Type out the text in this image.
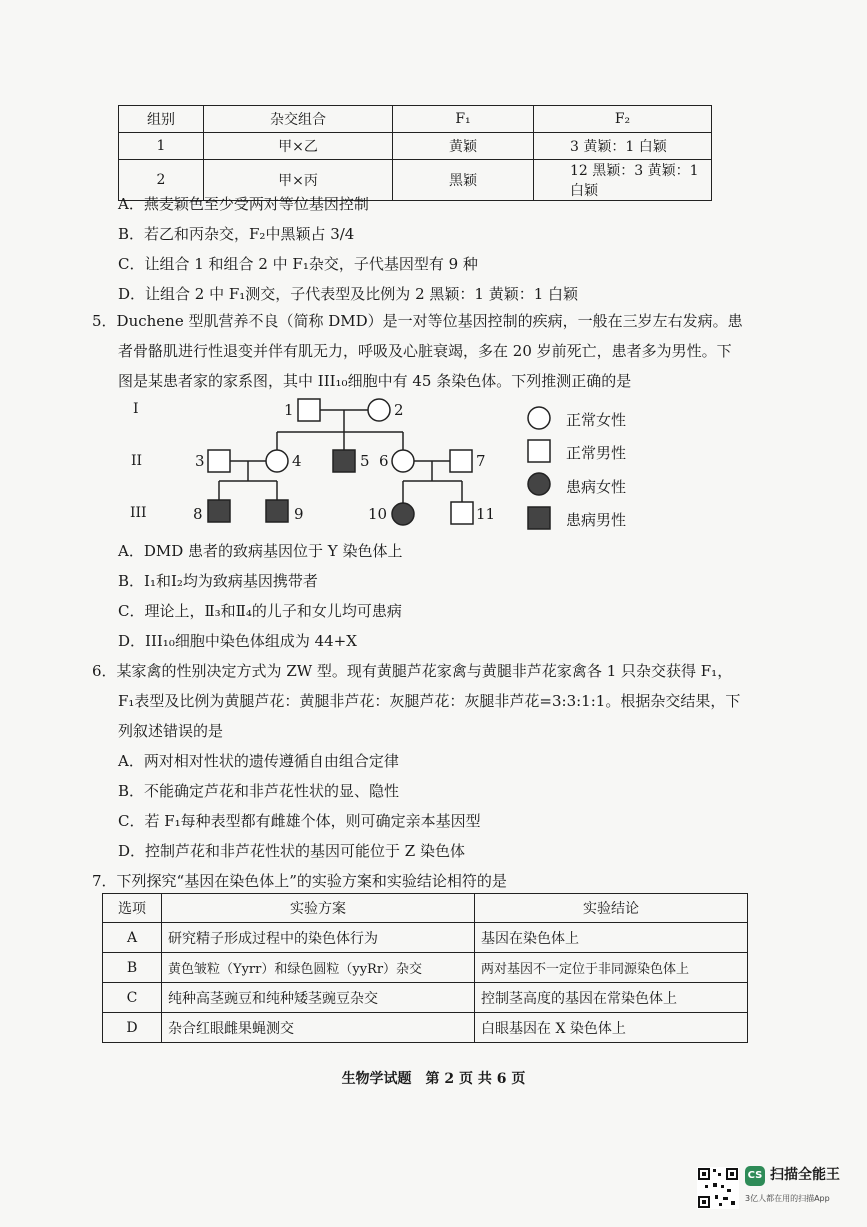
组别	杂交组合	F₁	F₂
1	甲×乙	黄颖	3 黄颖：1 白颖
2	甲×丙	黑颖	12 黑颖：3 黄颖：1 白颖
A．燕麦颖色至少受两对等位基因控制
B．若乙和丙杂交，F₂中黑颖占 3/4
C．让组合 1 和组合 2 中 F₁杂交，子代基因型有 9 种
D．让组合 2 中 F₁测交，子代表型及比例为 2 黑颖：1 黄颖：1 白颖
5．Duchene 型肌营养不良（简称 DMD）是一对等位基因控制的疾病，一般在三岁左右发病。患
者骨骼肌进行性退变并伴有肌无力，呼吸及心脏衰竭，多在 20 岁前死亡，患者多为男性。下
图是某患者家的家系图，其中 III₁₀细胞中有 45 条染色体。下列推测正确的是
I
II
III
1	2
3	4	5 6	7
8	9	10	11
正常女性
正常男性
患病女性
患病男性
A．DMD 患者的致病基因位于 Y 染色体上
B．Ⅰ₁和Ⅰ₂均为致病基因携带者
C．理论上，Ⅱ₃和Ⅱ₄的儿子和女儿均可患病
D．III₁₀细胞中染色体组成为 44+X
6．某家禽的性别决定方式为 ZW 型。现有黄腿芦花家禽与黄腿非芦花家禽各 1 只杂交获得 F₁，
F₁表型及比例为黄腿芦花：黄腿非芦花：灰腿芦花：灰腿非芦花=3:3:1:1。根据杂交结果，下
列叙述错误的是
A．两对相对性状的遗传遵循自由组合定律
B．不能确定芦花和非芦花性状的显、隐性
C．若 F₁每种表型都有雌雄个体，则可确定亲本基因型
D．控制芦花和非芦花性状的基因可能位于 Z 染色体
7．下列探究“基因在染色体上”的实验方案和实验结论相符的是
选项	实验方案	实验结论
A	研究精子形成过程中的染色体行为	基因在染色体上
B	黄色皱粒（Yyrr）和绿色圆粒（yyRr）杂交	两对基因不一定位于非同源染色体上
C	纯种高茎豌豆和纯种矮茎豌豆杂交	控制茎高度的基因在常染色体上
D	杂合红眼雌果蝇测交	白眼基因在 X 染色体上
生物学试题　第 2 页 共 6 页
CS 扫描全能王
3亿人都在用的扫描App
